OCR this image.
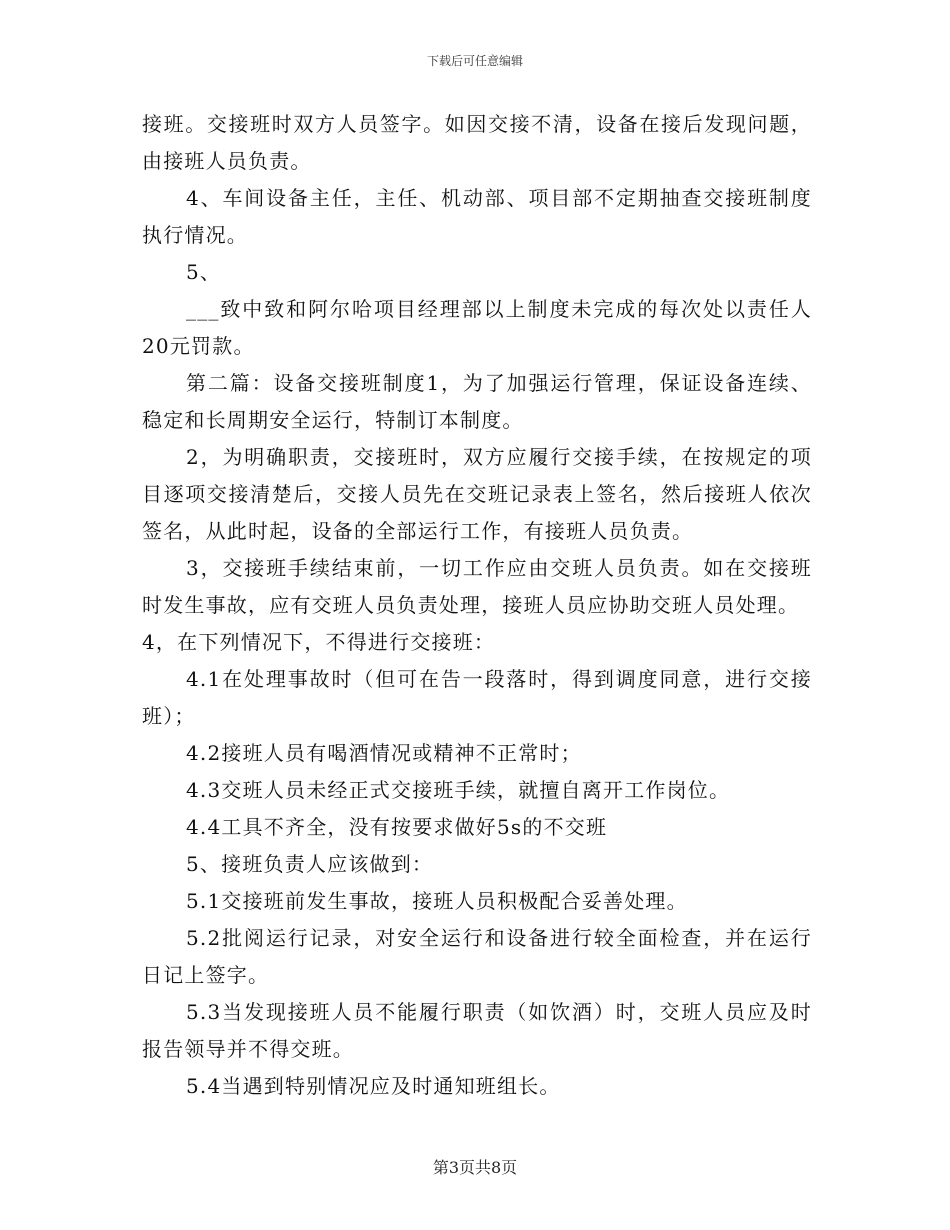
下载后可任意编辑

接班。交接班时双方人员签字。如因交接不清，设备在接后发现问题，由接班人员负责。

4、车间设备主任，主任、机动部、项目部不定期抽查交接班制度执行情况。

5、

___致中致和阿尔哈项目经理部以上制度未完成的每次处以责任人20元罚款。

第二篇：设备交接班制度1，为了加强运行管理，保证设备连续、稳定和长周期安全运行，特制订本制度。

2，为明确职责，交接班时，双方应履行交接手续，在按规定的项目逐项交接清楚后，交接人员先在交班记录表上签名，然后接班人依次签名，从此时起，设备的全部运行工作，有接班人员负责。

3，交接班手续结束前，一切工作应由交班人员负责。如在交接班时发生事故，应有交班人员负责处理，接班人员应协助交班人员处理。

4，在下列情况下，不得进行交接班：

4.1在处理事故时（但可在告一段落时，得到调度同意，进行交接班）；

4.2接班人员有喝酒情况或精神不正常时；

4.3交班人员未经正式交接班手续，就擅自离开工作岗位。

4.4工具不齐全，没有按要求做好5s的不交班

5、接班负责人应该做到：

5.1交接班前发生事故，接班人员积极配合妥善处理。

5.2批阅运行记录，对安全运行和设备进行较全面检查，并在运行日记上签字。

5.3当发现接班人员不能履行职责（如饮酒）时，交班人员应及时报告领导并不得交班。

5.4当遇到特别情况应及时通知班组长。

第3页共8页
